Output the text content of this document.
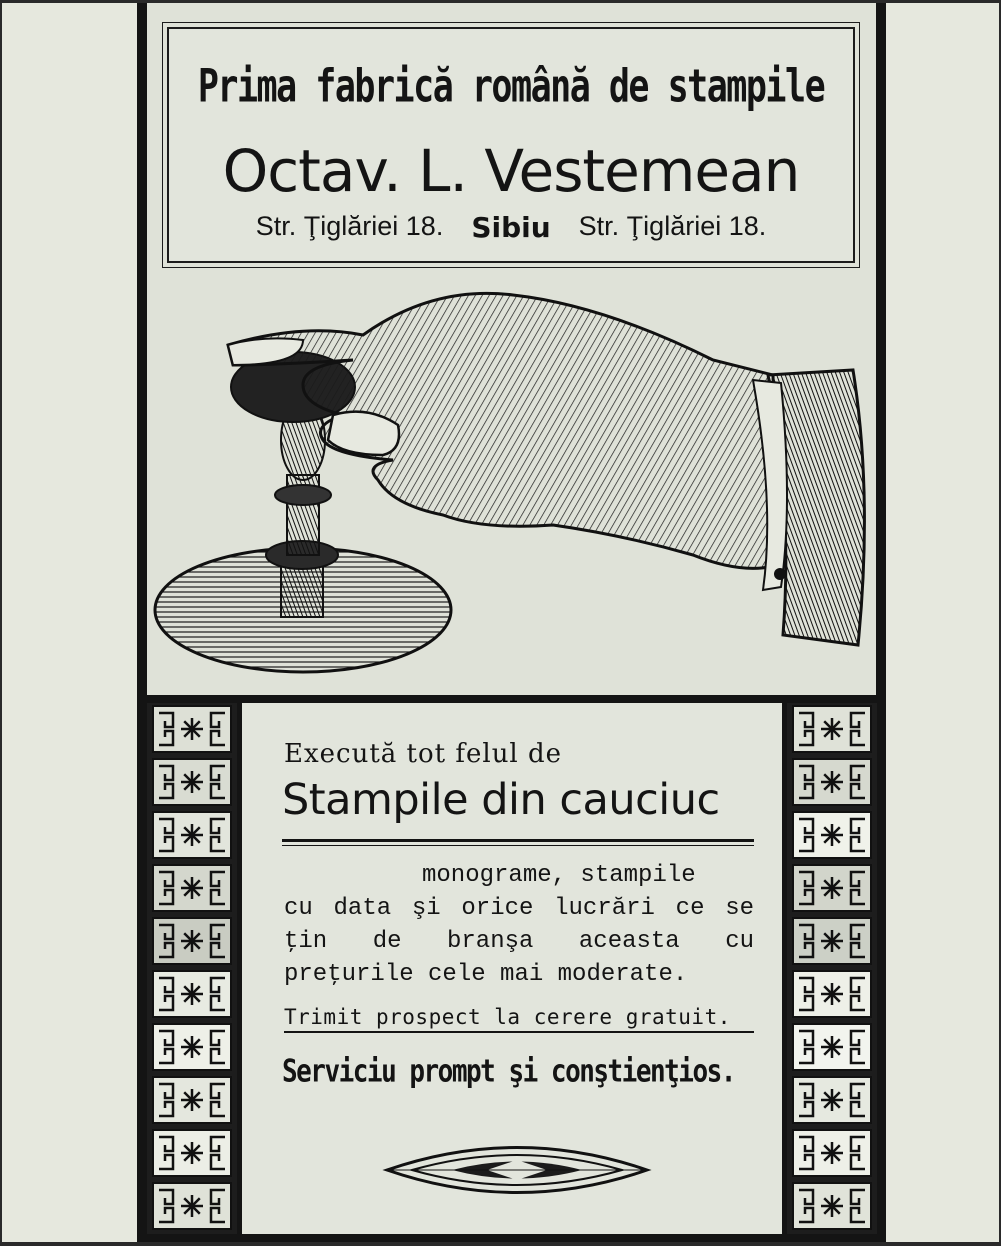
Prima fabrică română de stampile
Octav. L. Vestemean
Str. Ţiglăriei 18. Sibiu Str. Ţiglăriei 18.
Execută tot felul de
Stampile din cauciuc
monograme, stampile
cu data şi orice lucrări ce se ţin de branşa aceasta cu preţurile cele mai moderate.
Trimit prospect la cerere gratuit.
Serviciu prompt şi conştienţios.
